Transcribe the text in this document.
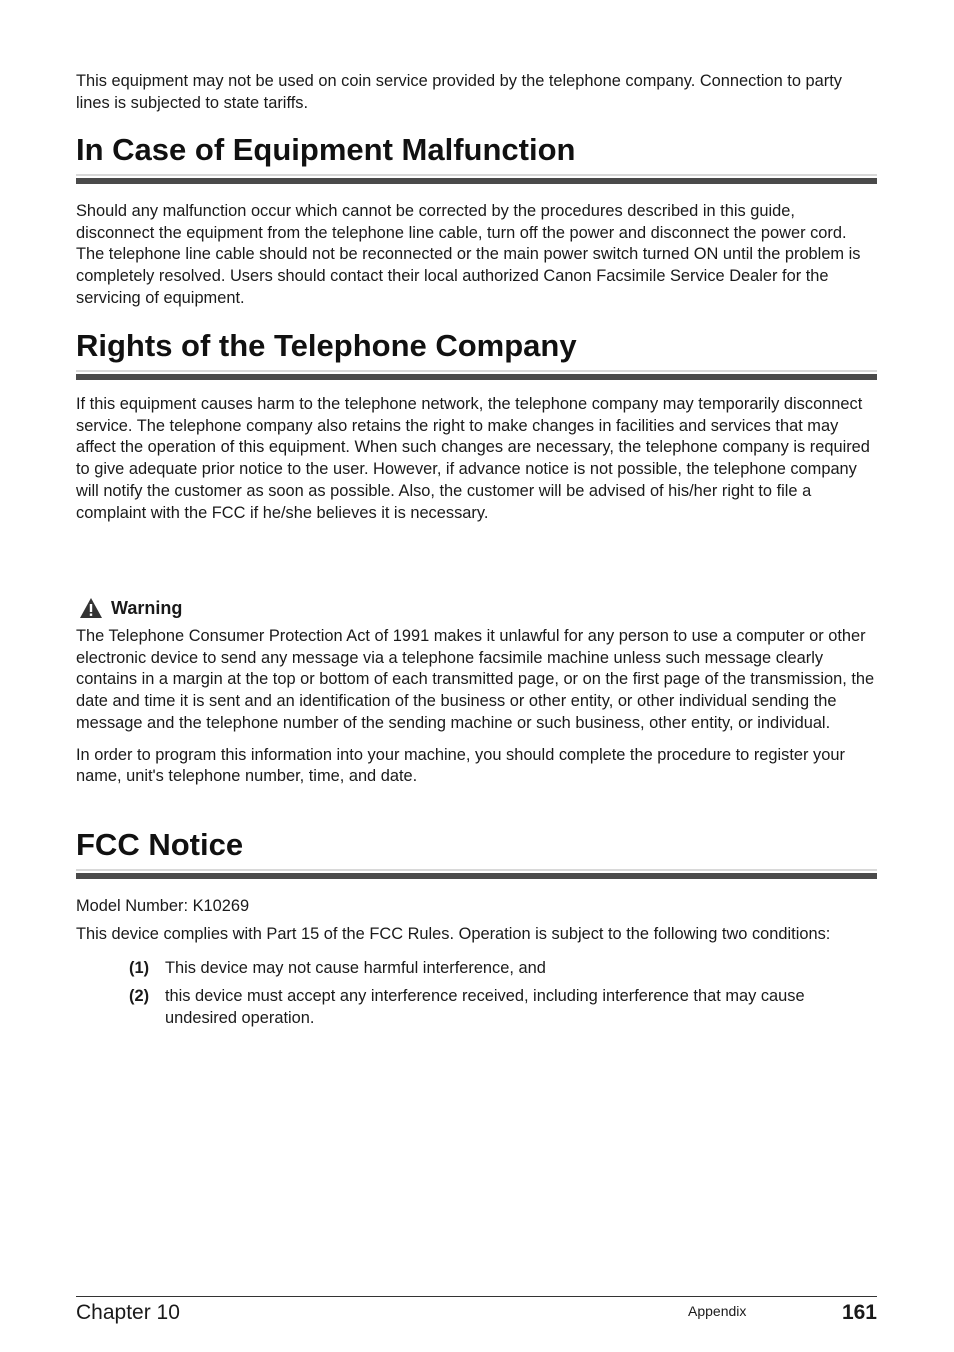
This equipment may not be used on coin service provided by the telephone company. Connection to party lines is subjected to state tariffs.

In Case of Equipment Malfunction

Should any malfunction occur which cannot be corrected by the procedures described in this guide, disconnect the equipment from the telephone line cable, turn off the power and disconnect the power cord. The telephone line cable should not be reconnected or the main power switch turned ON until the problem is completely resolved. Users should contact their local authorized Canon Facsimile Service Dealer for the servicing of equipment.

Rights of the Telephone Company

If this equipment causes harm to the telephone network, the telephone company may temporarily disconnect service. The telephone company also retains the right to make changes in facilities and services that may affect the operation of this equipment. When such changes are necessary, the telephone company is required to give adequate prior notice to the user. However, if advance notice is not possible, the telephone company will notify the customer as soon as possible. Also, the customer will be advised of his/her right to file a complaint with the FCC if he/she believes it is necessary.

Warning

The Telephone Consumer Protection Act of 1991 makes it unlawful for any person to use a computer or other electronic device to send any message via a telephone facsimile machine unless such message clearly contains in a margin at the top or bottom of each transmitted page, or on the first page of the transmission, the date and time it is sent and an identification of the business or other entity, or other individual sending the message and the telephone number of the sending machine or such business, other entity, or individual.

In order to program this information into your machine, you should complete the procedure to register your name, unit's telephone number, time, and date.

FCC Notice

Model Number: K10269

This device complies with Part 15 of the FCC Rules. Operation is subject to the following two conditions:

(1) This device may not cause harmful interference, and
(2) this device must accept any interference received, including interference that may cause undesired operation.
Chapter 10	Appendix	161
